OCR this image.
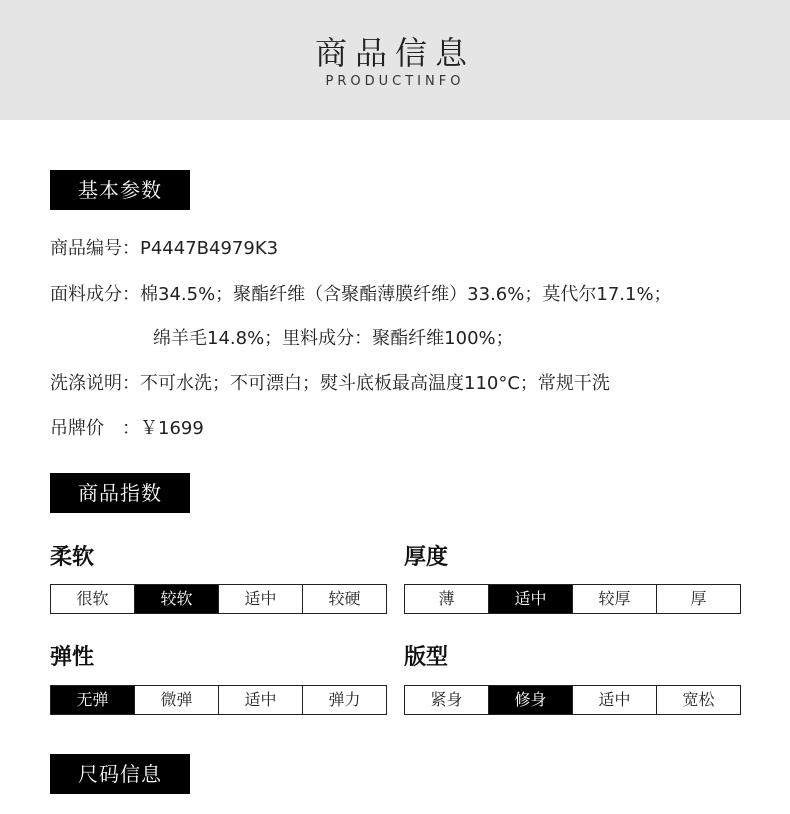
商品信息
PRODUCTINFO
基本参数
商品编号：P4447B4979K3
面料成分：棉34.5%；聚酯纤维（含聚酯薄膜纤维）33.6%；莫代尔17.1%；
绵羊毛14.8%；里料成分：聚酯纤维100%；
洗涤说明：不可水洗；不可漂白；熨斗底板最高温度110°C；常规干洗
吊牌价　：￥1699
商品指数
柔软
很软	较软	适中	较硬
厚度
薄	适中	较厚	厚
弹性
无弹	微弹	适中	弹力
版型
紧身	修身	适中	宽松
尺码信息
